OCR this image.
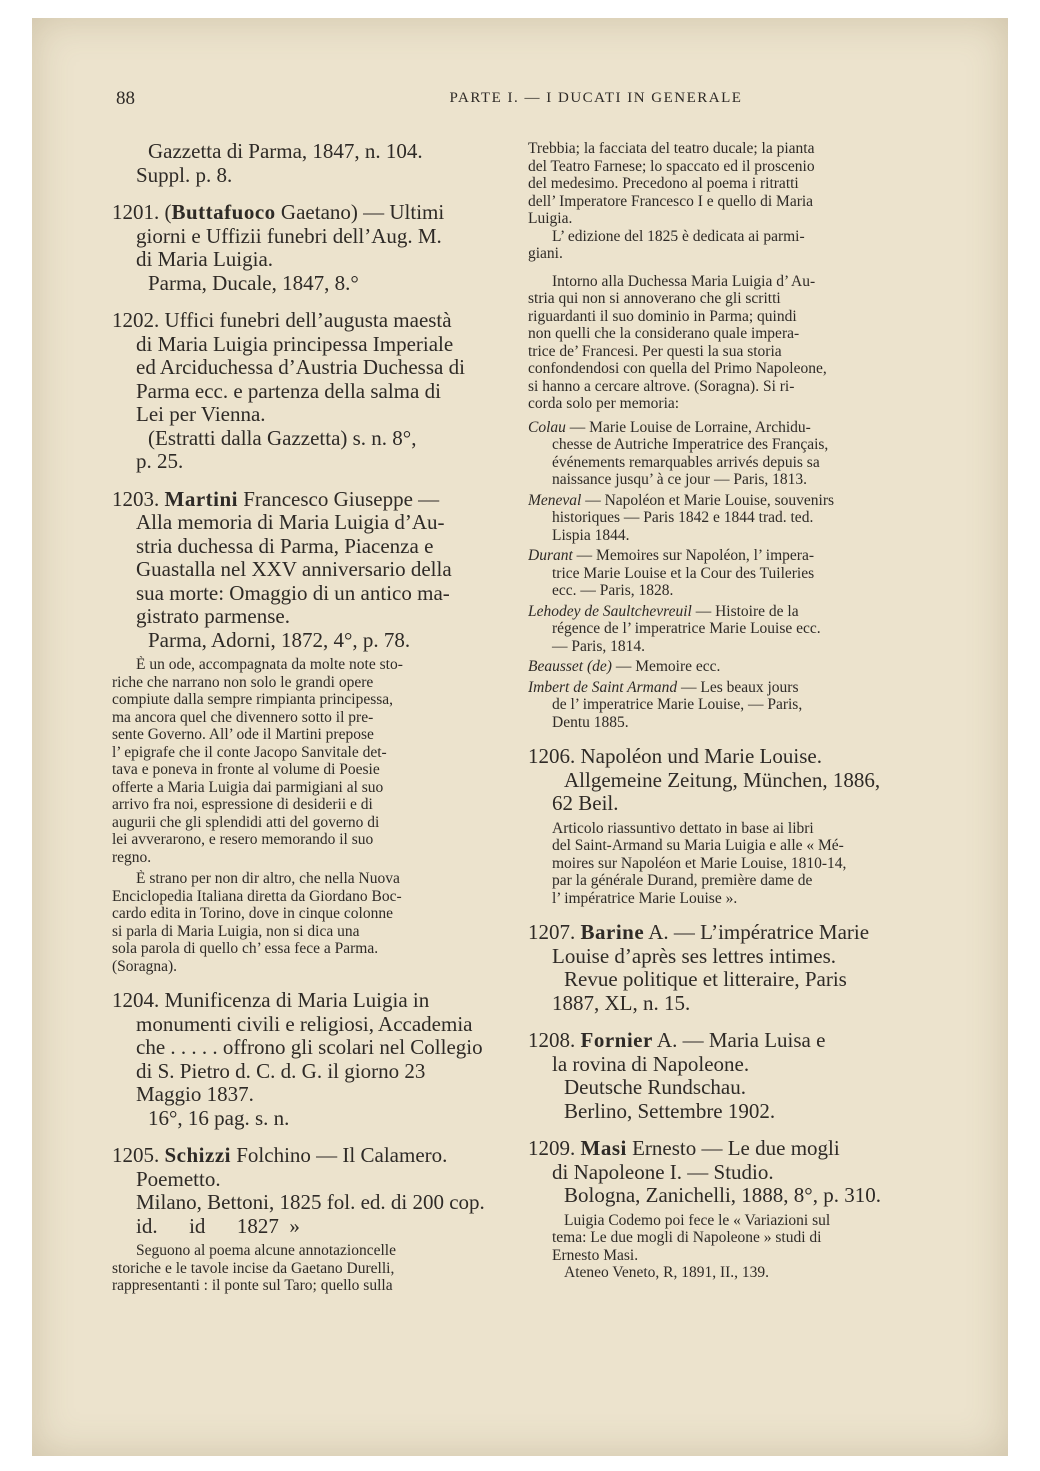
88	PARTE I. — I DUCATI IN GENERALE
Gazzetta di Parma, 1847, n. 104.
Suppl. p. 8.
1201. (Buttafuoco Gaetano) — Ultimi
giorni e Uffizii funebri dell’Aug. M.
di Maria Luigia.
Parma, Ducale, 1847, 8.°
1202. Uffici funebri dell’augusta maestà
di Maria Luigia principessa Imperiale
ed Arciduchessa d’Austria Duchessa di
Parma ecc. e partenza della salma di
Lei per Vienna.
(Estratti dalla Gazzetta) s. n. 8°,
p. 25.
1203. Martini Francesco Giuseppe —
Alla memoria di Maria Luigia d’Au-
stria duchessa di Parma, Piacenza e
Guastalla nel XXV anniversario della
sua morte: Omaggio di un antico ma-
gistrato parmense.
Parma, Adorni, 1872, 4°, p. 78.
È un ode, accompagnata da molte note sto-
riche che narrano non solo le grandi opere
compiute dalla sempre rimpianta principessa,
ma ancora quel che divennero sotto il pre-
sente Governo. All’ ode il Martini prepose
l’ epigrafe che il conte Jacopo Sanvitale det-
tava e poneva in fronte al volume di Poesie
offerte a Maria Luigia dai parmigiani al suo
arrivo fra noi, espressione di desiderii e di
augurii che gli splendidi atti del governo di
lei avverarono, e resero memorando il suo
regno.
È strano per non dir altro, che nella Nuova
Enciclopedia Italiana diretta da Giordano Boc-
cardo edita in Torino, dove in cinque colonne
si parla di Maria Luigia, non si dica una
sola parola di quello ch’ essa fece a Parma.
(Soragna).
1204. Munificenza di Maria Luigia in
monumenti civili e religiosi, Accademia
che . . . . . offrono gli scolari nel Collegio
di S. Pietro d. C. d. G. il giorno 23
Maggio 1837.
16°, 16 pag. s. n.
1205. Schizzi Folchino — Il Calamero.
Poemetto.
Milano, Bettoni, 1825 fol. ed. di 200 cop.
id.      id      1827  »
Seguono al poema alcune annotazioncelle
storiche e le tavole incise da Gaetano Durelli,
rappresentanti : il ponte sul Taro; quello sulla
Trebbia; la facciata del teatro ducale; la pianta
del Teatro Farnese; lo spaccato ed il proscenio
del medesimo. Precedono al poema i ritratti
dell’ Imperatore Francesco I e quello di Maria
Luigia.
L’ edizione del 1825 è dedicata ai parmi-
giani.
Intorno alla Duchessa Maria Luigia d’ Au-
stria qui non si annoverano che gli scritti
riguardanti il suo dominio in Parma; quindi
non quelli che la considerano quale impera-
trice de’ Francesi. Per questi la sua storia
confondendosi con quella del Primo Napoleone,
si hanno a cercare altrove. (Soragna). Si ri-
corda solo per memoria:
Colau — Marie Louise de Lorraine, Archidu-
chesse de Autriche Imperatrice des Français,
événements remarquables arrivés depuis sa
naissance jusqu’ à ce jour — Paris, 1813.
Meneval — Napoléon et Marie Louise, souvenirs
historiques — Paris 1842 e 1844 trad. ted.
Lispia 1844.
Durant — Memoires sur Napoléon, l’ impera-
trice Marie Louise et la Cour des Tuileries
ecc. — Paris, 1828.
Lehodey de Saultchevreuil — Histoire de la
régence de l’ imperatrice Marie Louise ecc.
— Paris, 1814.
Beausset (de) — Memoire ecc.
Imbert de Saint Armand — Les beaux jours
de l’ imperatrice Marie Louise, — Paris,
Dentu 1885.
1206. Napoléon und Marie Louise.
Allgemeine Zeitung, München, 1886,
62 Beil.
Articolo riassuntivo dettato in base ai libri
del Saint-Armand su Maria Luigia e alle « Mé-
moires sur Napoléon et Marie Louise, 1810-14,
par la générale Durand, première dame de
l’ impératrice Marie Louise ».
1207. Barine A. — L’impératrice Marie
Louise d’après ses lettres intimes.
Revue politique et litteraire, Paris
1887, XL, n. 15.
1208. Fornier A. — Maria Luisa e
la rovina di Napoleone.
Deutsche Rundschau.
Berlino, Settembre 1902.
1209. Masi Ernesto — Le due mogli
di Napoleone I. — Studio.
Bologna, Zanichelli, 1888, 8°, p. 310.
Luigia Codemo poi fece le « Variazioni sul
tema: Le due mogli di Napoleone » studi di
Ernesto Masi.
Ateneo Veneto, R, 1891, II., 139.
